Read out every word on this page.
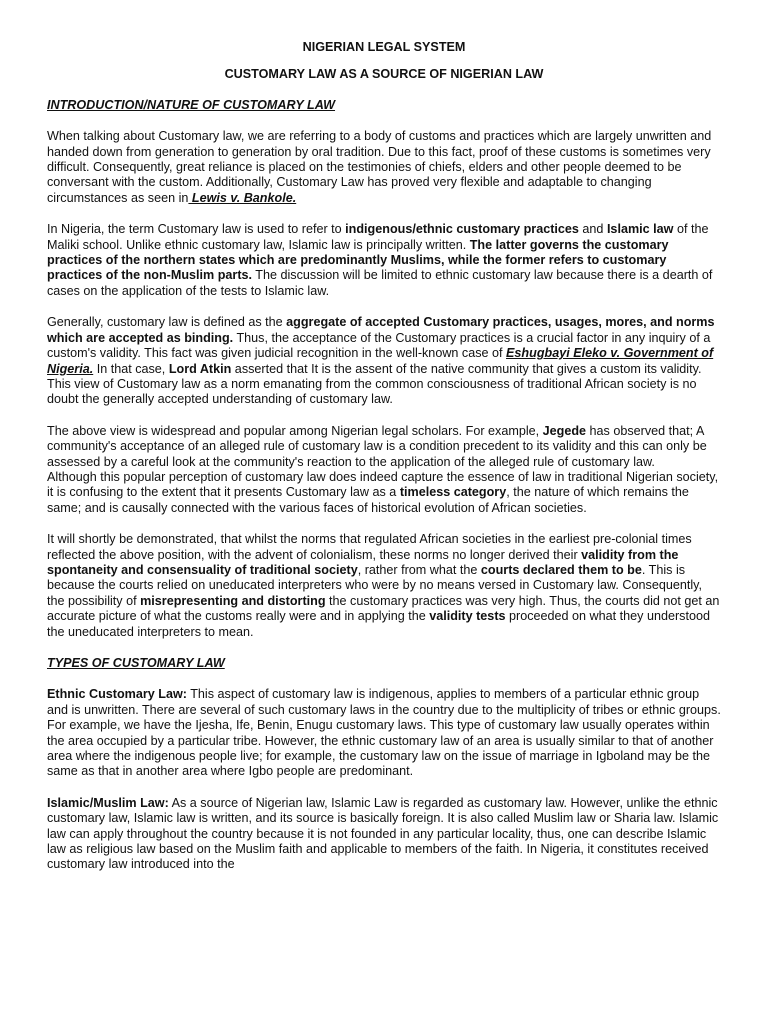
NIGERIAN LEGAL SYSTEM
CUSTOMARY LAW AS A SOURCE OF NIGERIAN LAW
INTRODUCTION/NATURE OF CUSTOMARY LAW

When talking about Customary law, we are referring to a body of customs and practices which are largely unwritten and handed down from generation to generation by oral tradition. Due to this fact, proof of these customs is sometimes very difficult. Consequently, great reliance is placed on the testimonies of chiefs, elders and other people deemed to be conversant with the custom. Additionally, Customary Law has proved very flexible and adaptable to changing circumstances as seen in Lewis v. Bankole.

In Nigeria, the term Customary law is used to refer to indigenous/ethnic customary practices and Islamic law of the Maliki school. Unlike ethnic customary law, Islamic law is principally written. The latter governs the customary practices of the northern states which are predominantly Muslims, while the former refers to customary practices of the non-Muslim parts. The discussion will be limited to ethnic customary law because there is a dearth of cases on the application of the tests to Islamic law.

Generally, customary law is defined as the aggregate of accepted Customary practices, usages, mores, and norms which are accepted as binding. Thus, the acceptance of the Customary practices is a crucial factor in any inquiry of a custom's validity. This fact was given judicial recognition in the well-known case of Eshugbayi Eleko v. Government of Nigeria. In that case, Lord Atkin asserted that It is the assent of the native community that gives a custom its validity. This view of Customary law as a norm emanating from the common consciousness of traditional African society is no doubt the generally accepted understanding of customary law.

The above view is widespread and popular among Nigerian legal scholars. For example, Jegede has observed that; A community's acceptance of an alleged rule of customary law is a condition precedent to its validity and this can only be assessed by a careful look at the community's reaction to the application of the alleged rule of customary law.

Although this popular perception of customary law does indeed capture the essence of law in traditional Nigerian society, it is confusing to the extent that it presents Customary law as a timeless category, the nature of which remains the same; and is causally connected with the various faces of historical evolution of African societies.

It will shortly be demonstrated, that whilst the norms that regulated African societies in the earliest pre-colonial times reflected the above position, with the advent of colonialism, these norms no longer derived their validity from the spontaneity and consensuality of traditional society, rather from what the courts declared them to be. This is because the courts relied on uneducated interpreters who were by no means versed in Customary law. Consequently, the possibility of misrepresenting and distorting the customary practices was very high. Thus, the courts did not get an accurate picture of what the customs really were and in applying the validity tests proceeded on what they understood the uneducated interpreters to mean.

TYPES OF CUSTOMARY LAW

Ethnic Customary Law: This aspect of customary law is indigenous, applies to members of a particular ethnic group and is unwritten. There are several of such customary laws in the country due to the multiplicity of tribes or ethnic groups. For example, we have the Ijesha, Ife, Benin, Enugu customary laws. This type of customary law usually operates within the area occupied by a particular tribe. However, the ethnic customary law of an area is usually similar to that of another area where the indigenous people live; for example, the customary law on the issue of marriage in Igboland may be the same as that in another area where Igbo people are predominant.

Islamic/Muslim Law: As a source of Nigerian law, Islamic Law is regarded as customary law. However, unlike the ethnic customary law, Islamic law is written, and its source is basically foreign. It is also called Muslim law or Sharia law. Islamic law can apply throughout the country because it is not founded in any particular locality, thus, one can describe Islamic law as religious law based on the Muslim faith and applicable to members of the faith. In Nigeria, it constitutes received customary law introduced into the
